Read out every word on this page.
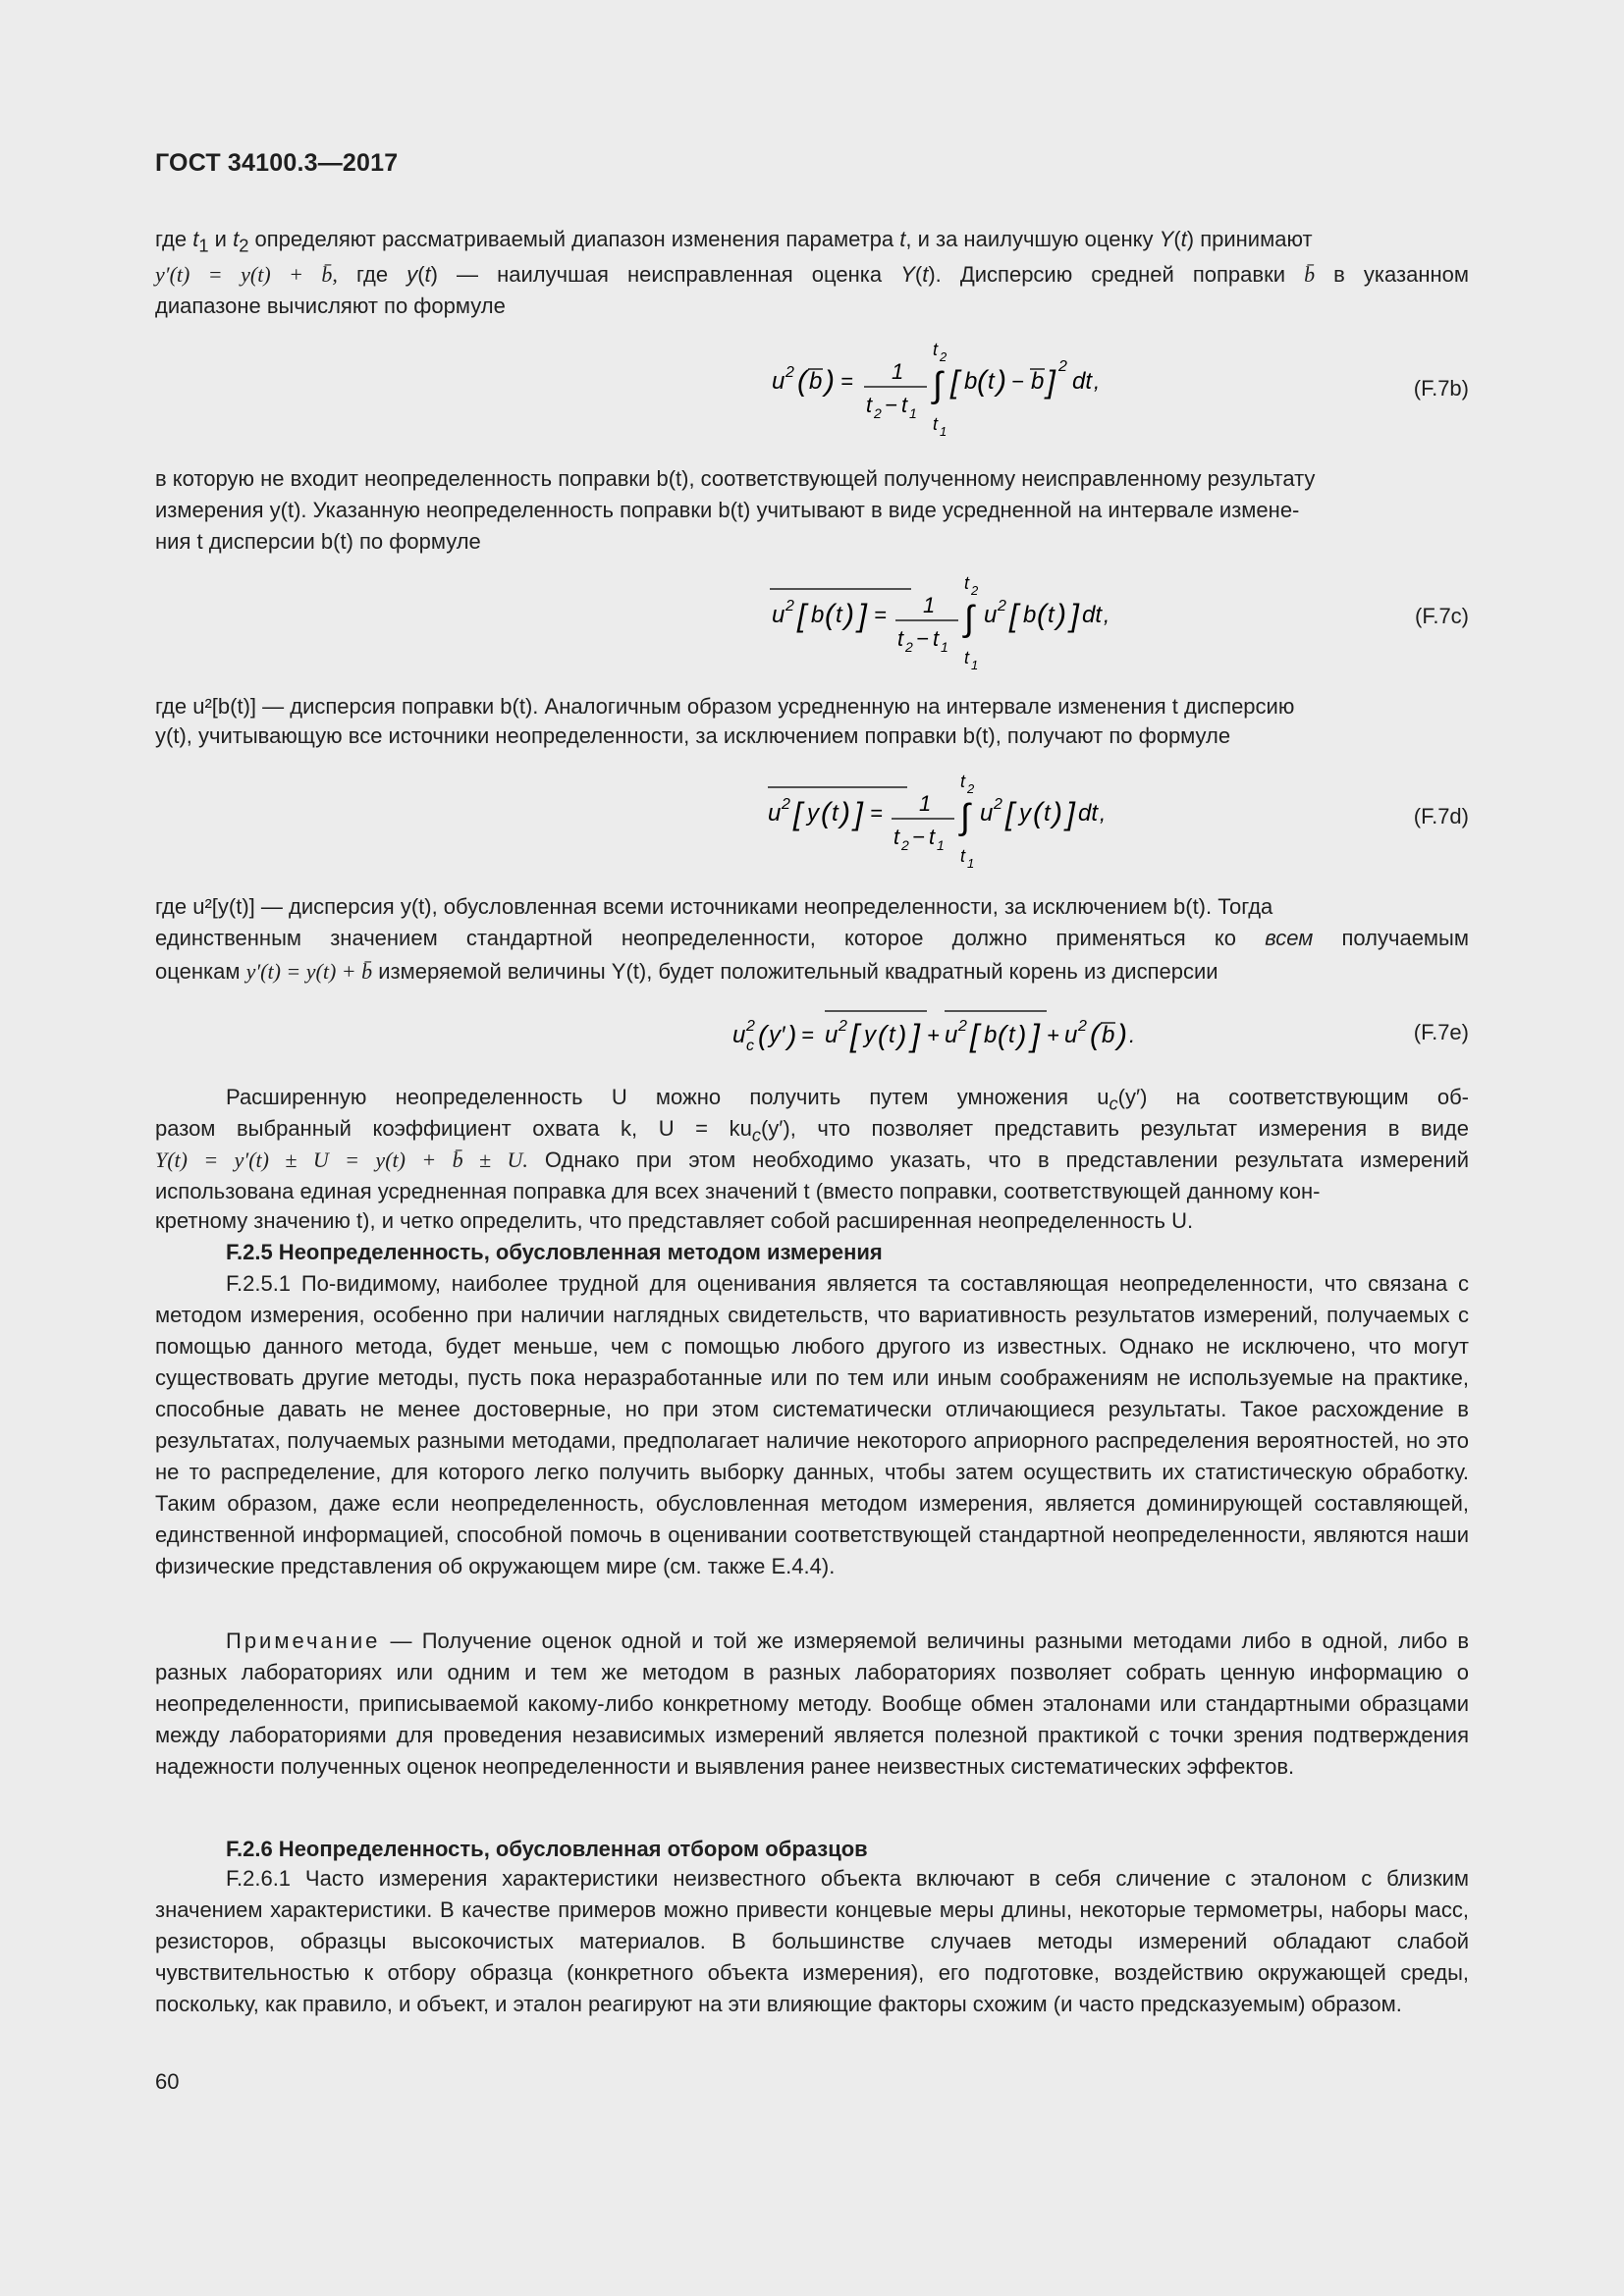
ГОСТ 34100.3—2017
где $t_1$ и $t_2$ определяют рассматриваемый диапазон изменения параметра t, и за наилучшую оценку Y(t) принимают
y′(t) = y(t) + b̄, где y(t) — наилучшая неисправленная оценка Y(t). Дисперсию средней поправки b̄ в указанном
диапазоне вычисляют по формуле
u 2 ( b ) = 1
t 2 − t 1
∫
t 2
t 1
[ b ( t ) − b ] 2
dt ,	(F.7b)
в которую не входит неопределенность поправки b(t), соответствующей полученному неисправленному результату
измерения y(t). Указанную неопределенность поправки b(t) учитывают в виде усредненной на интервале измене-
ния t дисперсии b(t) по формуле
u 2 [ b ( t ) ] = 1
t 2 − t 1
∫
t 2
t 1
u 2 [ b ( t ) ] dt ,	(F.7c)
где u²[b(t)] — дисперсия поправки b(t). Аналогичным образом усредненную на интервале изменения t дисперсию
y(t), учитывающую все источники неопределенности, за исключением поправки b(t), получают по формуле
u 2 [ y ( t ) ] = 1
t 2 − t 1
∫
t 2
t 1
u 2 [ y ( t ) ] dt ,	(F.7d)
где u²[y(t)] — дисперсия y(t), обусловленная всеми источниками неопределенности, за исключением b(t). Тогда
единственным значением стандартной неопределенности, которое должно применяться ко всем получаемым
оценкам y′(t) = y(t) + b̄ измеряемой величины Y(t), будет положительный квадратный корень из дисперсии
u 2
c ( y′ ) = u 2 [ y ( t ) ] + u 2 [ b ( t ) ] + u 2 ( b ) .	(F.7e)
Расширенную неопределенность U можно получить путем умножения $u_c(y')$ на соответствующим об-
разом выбранный коэффициент охвата k, $U = ku_c(y')$, что позволяет представить результат измерения в виде
Y(t) = y′(t) ± U = y(t) + b̄ ± U. Однако при этом необходимо указать, что в представлении результата измерений
использована единая усредненная поправка для всех значений t (вместо поправки, соответствующей данному кон-
кретному значению t), и четко определить, что представляет собой расширенная неопределенность U.
F.2.5 Неопределенность, обусловленная методом измерения
F.2.5.1 По-видимому, наиболее трудной для оценивания является та составляющая неопределенности, что связана с методом измерения, особенно при наличии наглядных свидетельств, что вариативность результатов измерений, получаемых с помощью данного метода, будет меньше, чем с помощью любого другого из известных. Однако не исключено, что могут существовать другие методы, пусть пока неразработанные или по тем или иным соображениям не используемые на практике, способные давать не менее достоверные, но при этом систематически отличающиеся результаты. Такое расхождение в результатах, получаемых разными методами, предполагает наличие некоторого априорного распределения вероятностей, но это не то распределение, для которого легко получить выборку данных, чтобы затем осуществить их статистическую обработку. Таким образом, даже если неопределенность, обусловленная методом измерения, является доминирующей составляющей, единственной информацией, способной помочь в оценивании соответствующей стандартной неопределенности, являются наши физические представления об окружающем мире (см. также E.4.4).
Примечание — Получение оценок одной и той же измеряемой величины разными методами либо в одной, либо в разных лабораториях или одним и тем же методом в разных лабораториях позволяет собрать ценную информацию о неопределенности, приписываемой какому-либо конкретному методу. Вообще обмен эталонами или стандартными образцами между лабораториями для проведения независимых измерений является полезной практикой с точки зрения подтверждения надежности полученных оценок неопределенности и выявления ранее неизвестных систематических эффектов.
F.2.6 Неопределенность, обусловленная отбором образцов
F.2.6.1 Часто измерения характеристики неизвестного объекта включают в себя сличение с эталоном с близким значением характеристики. В качестве примеров можно привести концевые меры длины, некоторые термометры, наборы масс, резисторов, образцы высокочистых материалов. В большинстве случаев методы измерений обладают слабой чувствительностью к отбору образца (конкретного объекта измерения), его подготовке, воздействию окружающей среды, поскольку, как правило, и объект, и эталон реагируют на эти влияющие факторы схожим (и часто предсказуемым) образом.
60
